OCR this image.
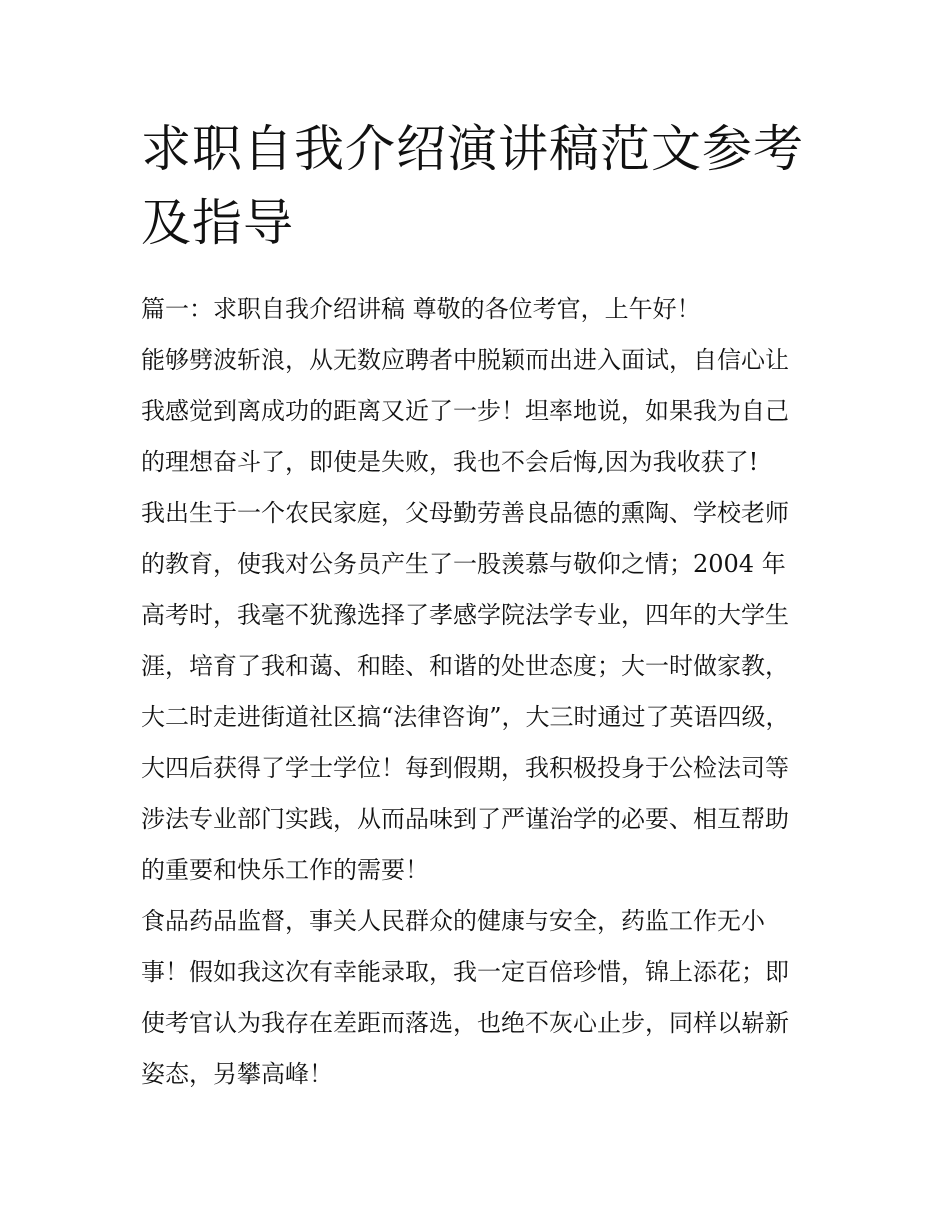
求职自我介绍演讲稿范文参考
及指导
篇一：求职自我介绍讲稿 尊敬的各位考官，上午好！
能够劈波斩浪，从无数应聘者中脱颖而出进入面试，自信心让
我感觉到离成功的距离又近了一步！坦率地说，如果我为自己
的理想奋斗了，即使是失败，我也不会后悔,因为我收获了!
我出生于一个农民家庭，父母勤劳善良品德的熏陶、学校老师
的教育，使我对公务员产生了一股羡慕与敬仰之情；2004 年
高考时，我毫不犹豫选择了孝感学院法学专业，四年的大学生
涯，培育了我和蔼、和睦、和谐的处世态度；大一时做家教，
大二时走进街道社区搞“法律咨询”，大三时通过了英语四级，
大四后获得了学士学位！每到假期，我积极投身于公检法司等
涉法专业部门实践，从而品味到了严谨治学的必要、相互帮助
的重要和快乐工作的需要！
食品药品监督，事关人民群众的健康与安全，药监工作无小
事！假如我这次有幸能录取，我一定百倍珍惜，锦上添花；即
使考官认为我存在差距而落选，也绝不灰心止步，同样以崭新
姿态，另攀高峰！
